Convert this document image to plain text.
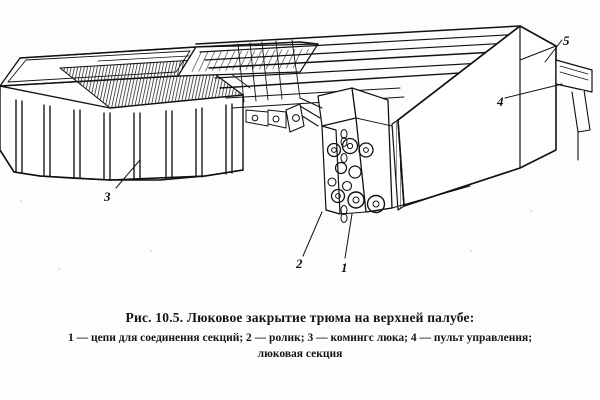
5
3
2	1
4
Рис. 10.5. Люковое закрытие трюма на верхней палубе:
1 — цепи для соединения секций; 2 — ролик; 3 — комингс люка; 4 — пульт управления;
люковая секция
